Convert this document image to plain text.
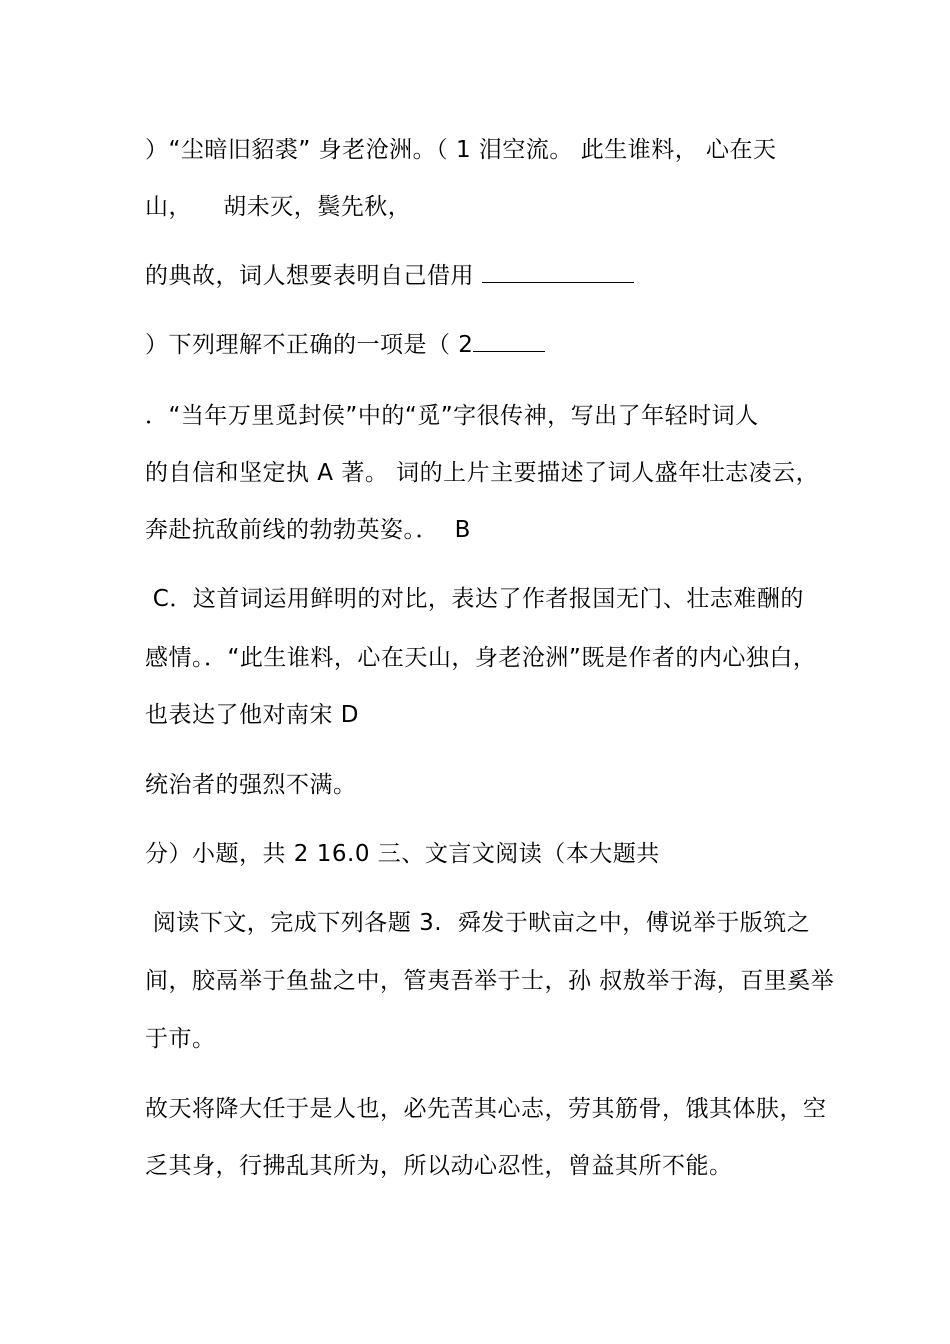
）“尘暗旧貂裘” 身老沧洲。（ 1 泪空流。 此生谁料， 心在天
山，    胡未灭，鬓先秋，
的典故，词人想要表明自己借用
）下列理解不正确的一项是（ 2
．“当年万里觅封侯”中的“觅”字很传神，写出了年轻时词人
的自信和坚定执 A 著。 词的上片主要描述了词人盛年壮志凌云，
奔赴抗敌前线的勃勃英姿。．  B
C．这首词运用鲜明的对比，表达了作者报国无门、壮志难酬的
感情。．“此生谁料，心在天山，身老沧洲”既是作者的内心独白，
也表达了他对南宋 D
统治者的强烈不满。
分）小题，共 2 16.0 三、文言文阅读（本大题共
阅读下文，完成下列各题 3.  舜发于畎亩之中，傅说举于版筑之
间，胶鬲举于鱼盐之中，管夷吾举于士，孙 叔敖举于海，百里奚举
于市。
故天将降大任于是人也，必先苦其心志，劳其筋骨，饿其体肤，空
乏其身，行拂乱其所为，所以动心忍性，曾益其所不能。
